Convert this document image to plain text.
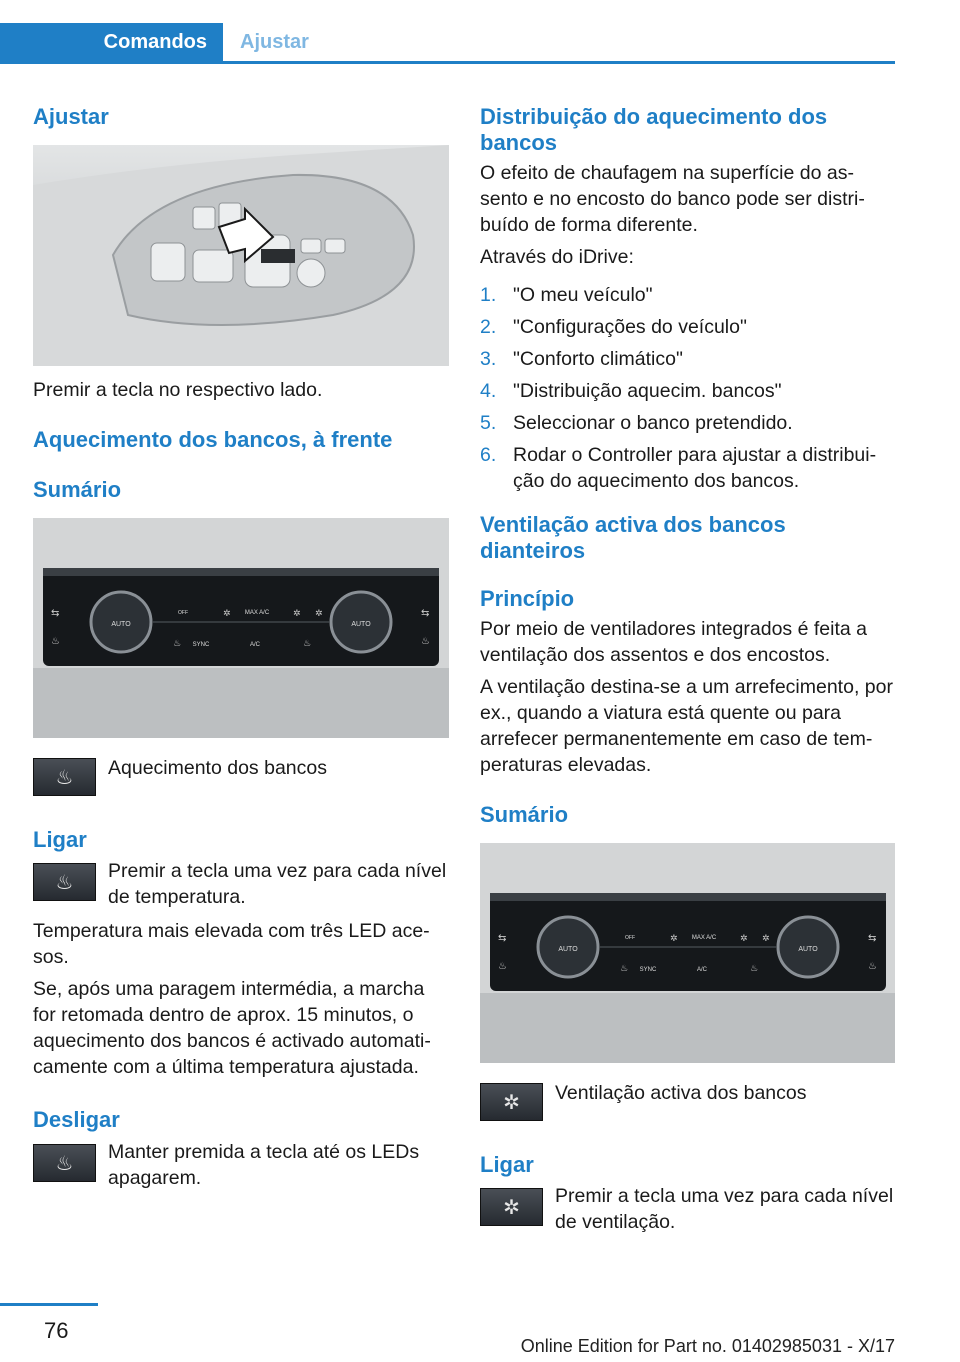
Comandos	Ajustar
Ajustar

Premir a tecla no respectivo lado.

Aquecimento dos bancos, à frente
Sumário
AUTO	AUTO
MAX A/C
SYNC	A/C
OFF
⇆
♨
⇆
♨
✲	✲ ✲
♨	♨
♨	Aquecimento dos bancos
Ligar
♨
Premir a tecla uma vez para cada nível de temperatura.

Temperatura mais elevada com três LED ace-sos.

Se, após uma paragem intermédia, a marcha for retomada dentro de aprox. 15 minutos, o aquecimento dos bancos é activado automati-camente com a última temperatura ajustada.

Desligar
♨
Manter premida a tecla até os LEDs apagarem.
Distribuição do aquecimento dos bancos

O efeito de chaufagem na superfície do as-sento e no encosto do banco pode ser distri-buído de forma diferente.

Através do iDrive:

1. "O meu veículo"
2. "Configurações do veículo"
3. "Conforto climático"
4. "Distribuição aquecim. bancos"
5. Seleccionar o banco pretendido.
6. Rodar o Controller para ajustar a distribui-ção do aquecimento dos bancos.
Ventilação activa dos bancos dianteiros
Princípio

Por meio de ventiladores integrados é feita a ventilação dos assentos e dos encostos.

A ventilação destina-se a um arrefecimento, por ex., quando a viatura está quente ou para arrefecer permanentemente em caso de tem-peraturas elevadas.

Sumário
AUTO	AUTO
MAX A/C
SYNC	A/C
OFF
⇆
♨
⇆
♨
✲	✲ ✲
♨	♨
✲	Ventilação activa dos bancos
Ligar
✲
Premir a tecla uma vez para cada nível de ventilação.
76
Online Edition for Part no. 01402985031 - X/17
